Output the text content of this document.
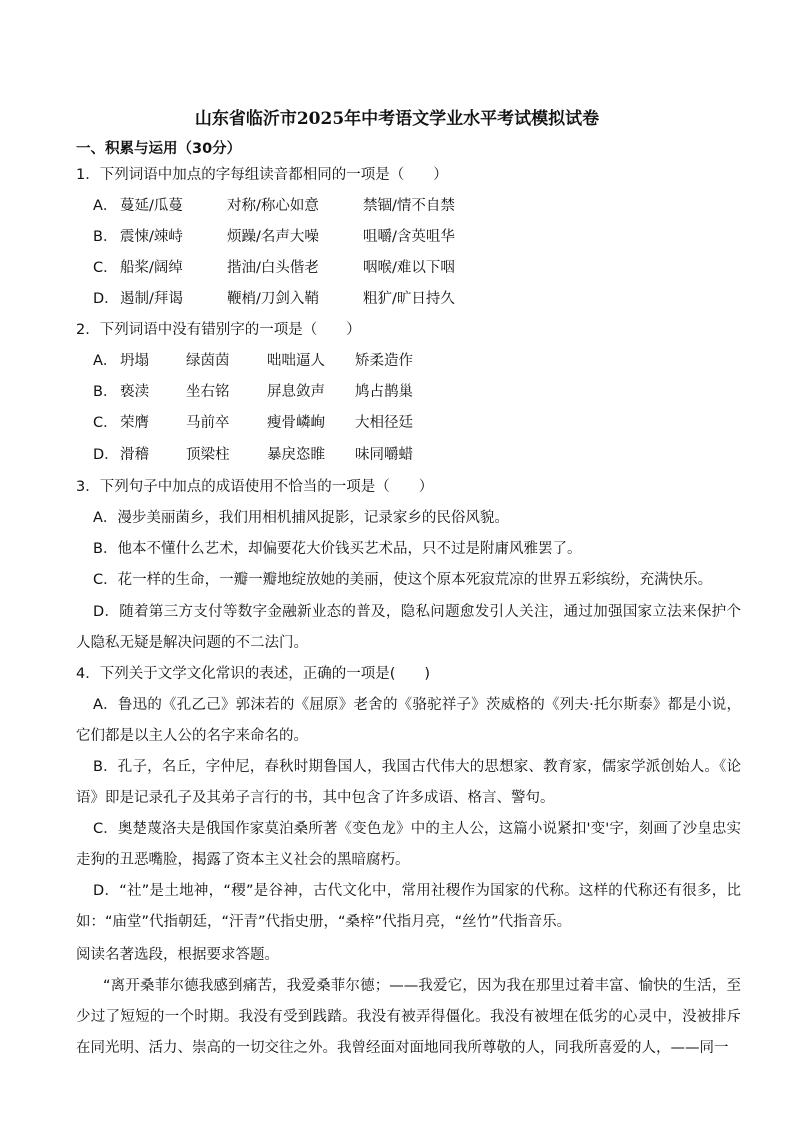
山东省临沂市2025年中考语文学业水平考试模拟试卷
一、积累与运用（30分）
1．下列词语中加点的字每组读音都相同的一项是（　　）
A． 蔓延/瓜蔓	对称/称心如意	禁锢/情不自禁
B． 震悚/竦峙	烦躁/名声大噪	咀嚼/含英咀华
C． 船桨/阔绰	揩油/白头偕老	咽喉/难以下咽
D． 遏制/拜谒	鞭梢/刀剑入鞘	粗犷/旷日持久
2．下列词语中没有错别字的一项是（　　）
A． 坍塌	绿茵茵	咄咄逼人 矫柔造作
B． 亵渎	坐右铭	屏息敛声 鸠占鹊巢
C． 荣膺	马前卒	瘦骨嶙峋 大相径廷
D． 滑稽	顶梁柱	暴戾恣睢 味同嚼蜡
3．下列句子中加点的成语使用不恰当的一项是（　　）
A．漫步美丽菌乡，我们用相机捕风捉影，记录家乡的民俗风貌。
B．他本不懂什么艺术，却偏要花大价钱买艺术品，只不过是附庸风雅罢了。
C．花一样的生命，一瓣一瓣地绽放她的美丽，使这个原本死寂荒凉的世界五彩缤纷，充满快乐。
D．随着第三方支付等数字金融新业态的普及，隐私问题愈发引人关注，通过加强国家立法来保护个人隐私无疑是解决问题的不二法门。
4．下列关于文学文化常识的表述，正确的一项是(　　)
A．鲁迅的《孔乙己》郭沫若的《屈原》老舍的《骆驼祥子》茨威格的《列夫·托尔斯泰》都是小说，它们都是以主人公的名字来命名的。
B．孔子，名丘，字仲尼，春秋时期鲁国人，我国古代伟大的思想家、教育家，儒家学派创始人。《论语》即是记录孔子及其弟子言行的书，其中包含了许多成语、格言、警句。
C．奥楚蔑洛夫是俄国作家莫泊桑所著《变色龙》中的主人公，这篇小说紧扣'变'字，刻画了沙皇忠实走狗的丑恶嘴脸，揭露了资本主义社会的黑暗腐朽。
D．“社”是土地神，“稷”是谷神，古代文化中，常用社稷作为国家的代称。这样的代称还有很多，比如：“庙堂”代指朝廷，“汗青”代指史册，“桑梓”代指月亮，“丝竹”代指音乐。
阅读名著选段，根据要求答题。
“离开桑菲尔德我感到痛苦，我爱桑菲尔德；——我爱它，因为我在那里过着丰富、愉快的生活，至少过了短短的一个时期。我没有受到践踏。我没有被弄得僵化。我没有被埋在低劣的心灵中，没被排斥在同光明、活力、崇高的一切交往之外。我曾经面对面地同我所尊敬的人，同我所喜爱的人，——同一
